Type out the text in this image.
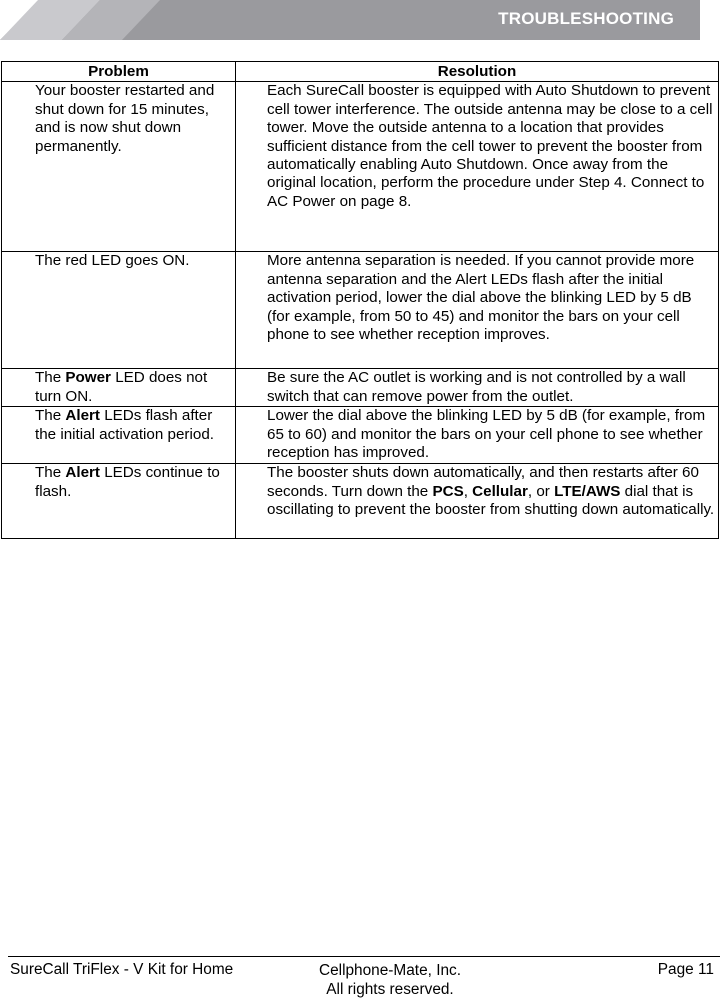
TROUBLESHOOTING
Problem	Resolution
Your booster restarted and shut down for 15 minutes, and is now shut down permanently.	Each SureCall booster is equipped with Auto Shutdown to prevent cell tower interference. The outside antenna may be close to a cell tower. Move the outside antenna to a location that provides sufficient distance from the cell tower to prevent the booster from automatically enabling Auto Shutdown. Once away from the original location, perform the procedure under Step 4. Connect to AC Power on page 8.
The red LED goes ON.	More antenna separation is needed. If you cannot provide more antenna separation and the Alert LEDs flash after the initial activation period, lower the dial above the blinking LED by 5 dB (for example, from 50 to 45) and monitor the bars on your cell phone to see whether reception improves.
The Power LED does not turn ON.	Be sure the AC outlet is working and is not controlled by a wall switch that can remove power from the outlet.
The Alert LEDs flash after the initial activation period.	Lower the dial above the blinking LED by 5 dB (for example, from 65 to 60) and monitor the bars on your cell phone to see whether reception has improved.
The Alert LEDs continue to flash.	The booster shuts down automatically, and then restarts after 60 seconds. Turn down the PCS, Cellular, or LTE/AWS dial that is oscillating to prevent the booster from shutting down automatically.
SureCall TriFlex - V Kit for Home	Cellphone-Mate, Inc.
All rights reserved.
Page 11
